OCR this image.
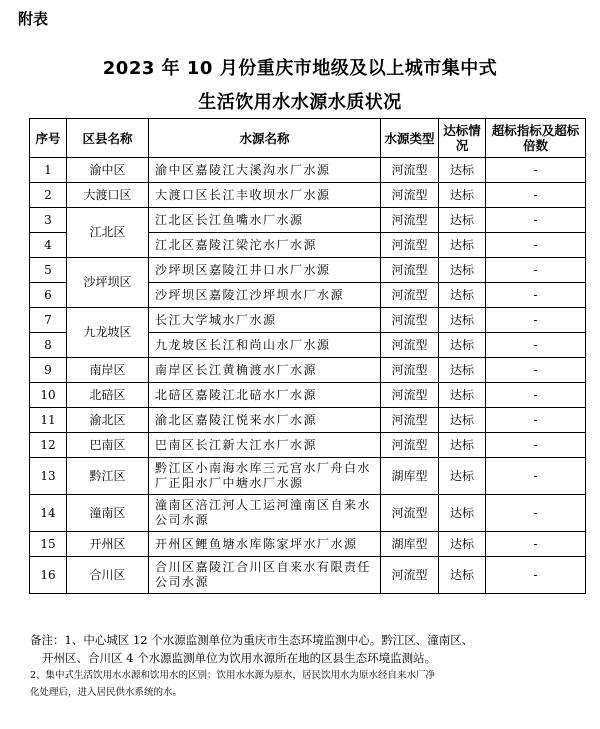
附表
2023 年 10 月份重庆市地级及以上城市集中式
生活饮用水水源水质状况
序号	区县名称	水源名称	水源类型	达标情况	超标指标及超标倍数
1	渝中区	渝中区嘉陵江大溪沟水厂水源	河流型	达标	-
2	大渡口区	大渡口区长江丰收坝水厂水源	河流型	达标	-
3	江北区	江北区长江鱼嘴水厂水源	河流型	达标	-
4		江北区嘉陵江梁沱水厂水源	河流型	达标	-
5	沙坪坝区	沙坪坝区嘉陵江井口水厂水源	河流型	达标	-
6		沙坪坝区嘉陵江沙坪坝水厂水源	河流型	达标	-
7	九龙坡区	长江大学城水厂水源	河流型	达标	-
8		九龙坡区长江和尚山水厂水源	河流型	达标	-
9	南岸区	南岸区长江黄桷渡水厂水源	河流型	达标	-
10	北碚区	北碚区嘉陵江北碚水厂水源	河流型	达标	-
11	渝北区	渝北区嘉陵江悦来水厂水源	河流型	达标	-
12	巴南区	巴南区长江新大江水厂水源	河流型	达标	-
13	黔江区	黔江区小南海水库三元宫水厂舟白水厂正阳水厂中塘水厂水源	湖库型	达标	-
14	潼南区	潼南区涪江河人工运河潼南区自来水公司水源	河流型	达标	-
15	开州区	开州区鲤鱼塘水库陈家坪水厂水源	湖库型	达标	-
16	合川区	合川区嘉陵江合川区自来水有限责任公司水源	河流型	达标	-

备注：1、中心城区 12 个水源监测单位为重庆市生态环境监测中心。黔江区、潼南区、

开州区、合川区 4 个水源监测单位为饮用水源所在地的区县生态环境监测站。

2、集中式生活饮用水水源和饮用水的区别：饮用水水源为原水，居民饮用水为原水经自来水厂净

化处理后，进入居民供水系统的水。
